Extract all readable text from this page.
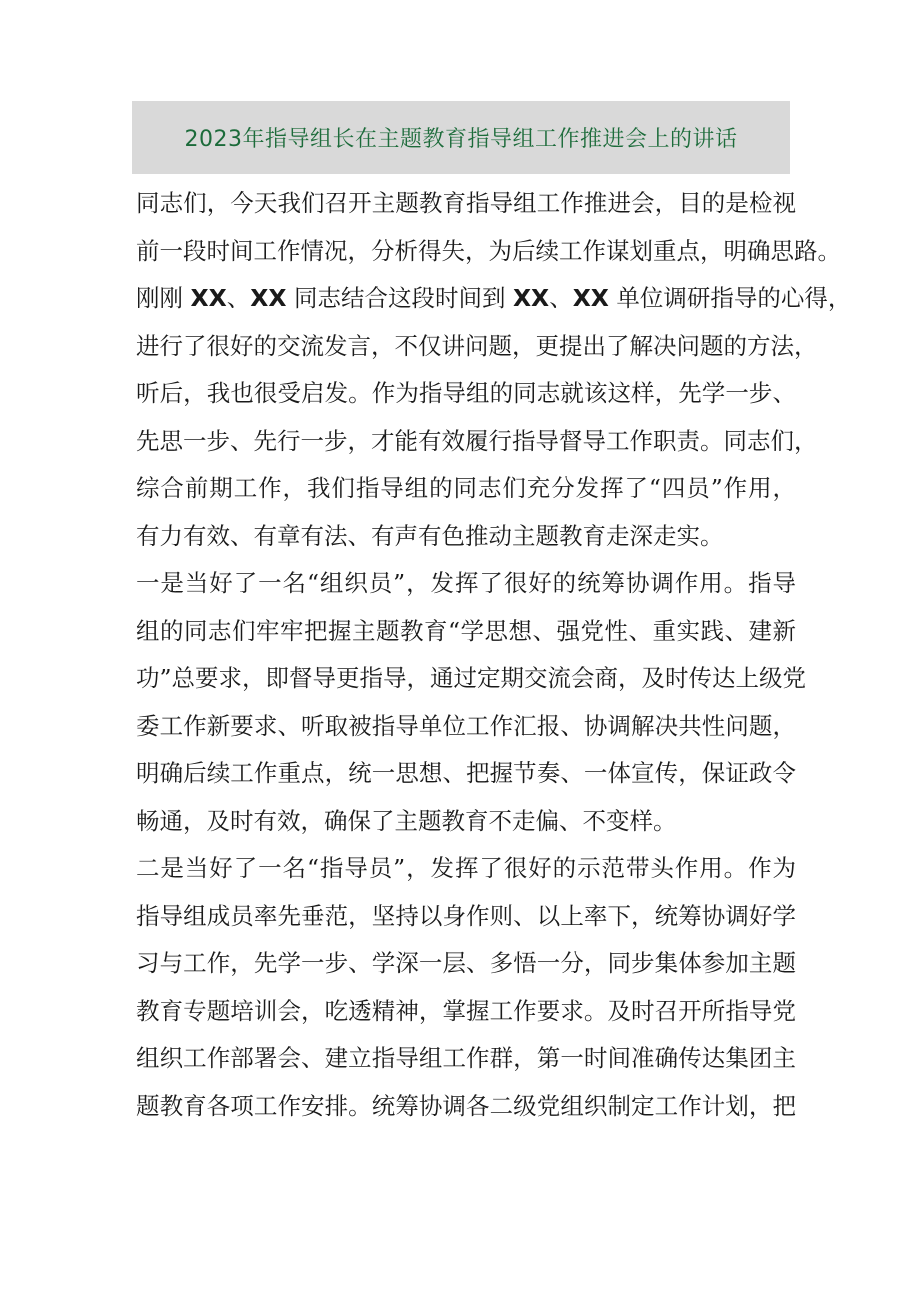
2023年指导组长在主题教育指导组工作推进会上的讲话
同志们，今天我们召开主题教育指导组工作推进会，目的是检视
前一段时间工作情况，分析得失，为后续工作谋划重点，明确思路。
刚刚 XX、XX 同志结合这段时间到 XX、XX 单位调研指导的心得，
进行了很好的交流发言，不仅讲问题，更提出了解决问题的方法，
听后，我也很受启发。作为指导组的同志就该这样，先学一步、
先思一步、先行一步，才能有效履行指导督导工作职责。同志们，
综合前期工作，我们指导组的同志们充分发挥了“四员”作用，
有力有效、有章有法、有声有色推动主题教育走深走实。
一是当好了一名“组织员”，发挥了很好的统筹协调作用。指导
组的同志们牢牢把握主题教育“学思想、强党性、重实践、建新
功”总要求，即督导更指导，通过定期交流会商，及时传达上级党
委工作新要求、听取被指导单位工作汇报、协调解决共性问题，
明确后续工作重点，统一思想、把握节奏、一体宣传，保证政令
畅通，及时有效，确保了主题教育不走偏、不变样。
二是当好了一名“指导员”，发挥了很好的示范带头作用。作为
指导组成员率先垂范，坚持以身作则、以上率下，统筹协调好学
习与工作，先学一步、学深一层、多悟一分，同步集体参加主题
教育专题培训会，吃透精神，掌握工作要求。及时召开所指导党
组织工作部署会、建立指导组工作群，第一时间准确传达集团主
题教育各项工作安排。统筹协调各二级党组织制定工作计划，把
